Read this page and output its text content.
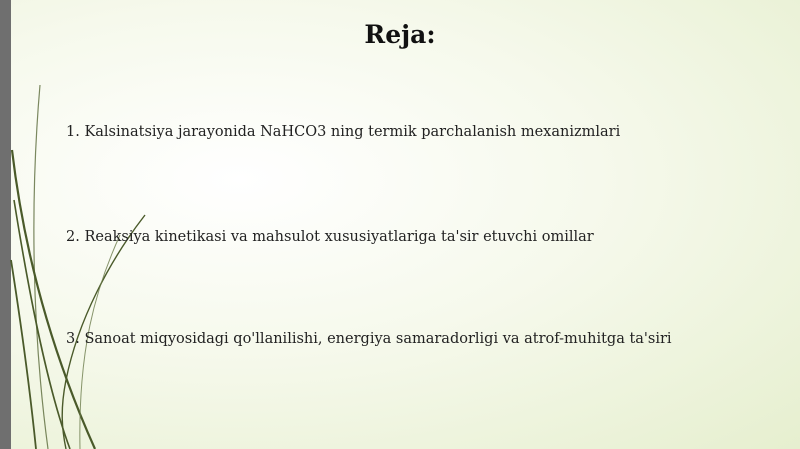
Reja:
1. Kalsinatsiya jarayonida NaHCO3 ning termik parchalanish mexanizmlari
2. Reaksiya kinetikasi va mahsulot xususiyatlariga ta'sir etuvchi omillar
3. Sanoat miqyosidagi qo'llanilishi, energiya samaradorligi va atrof-muhitga ta'siri
